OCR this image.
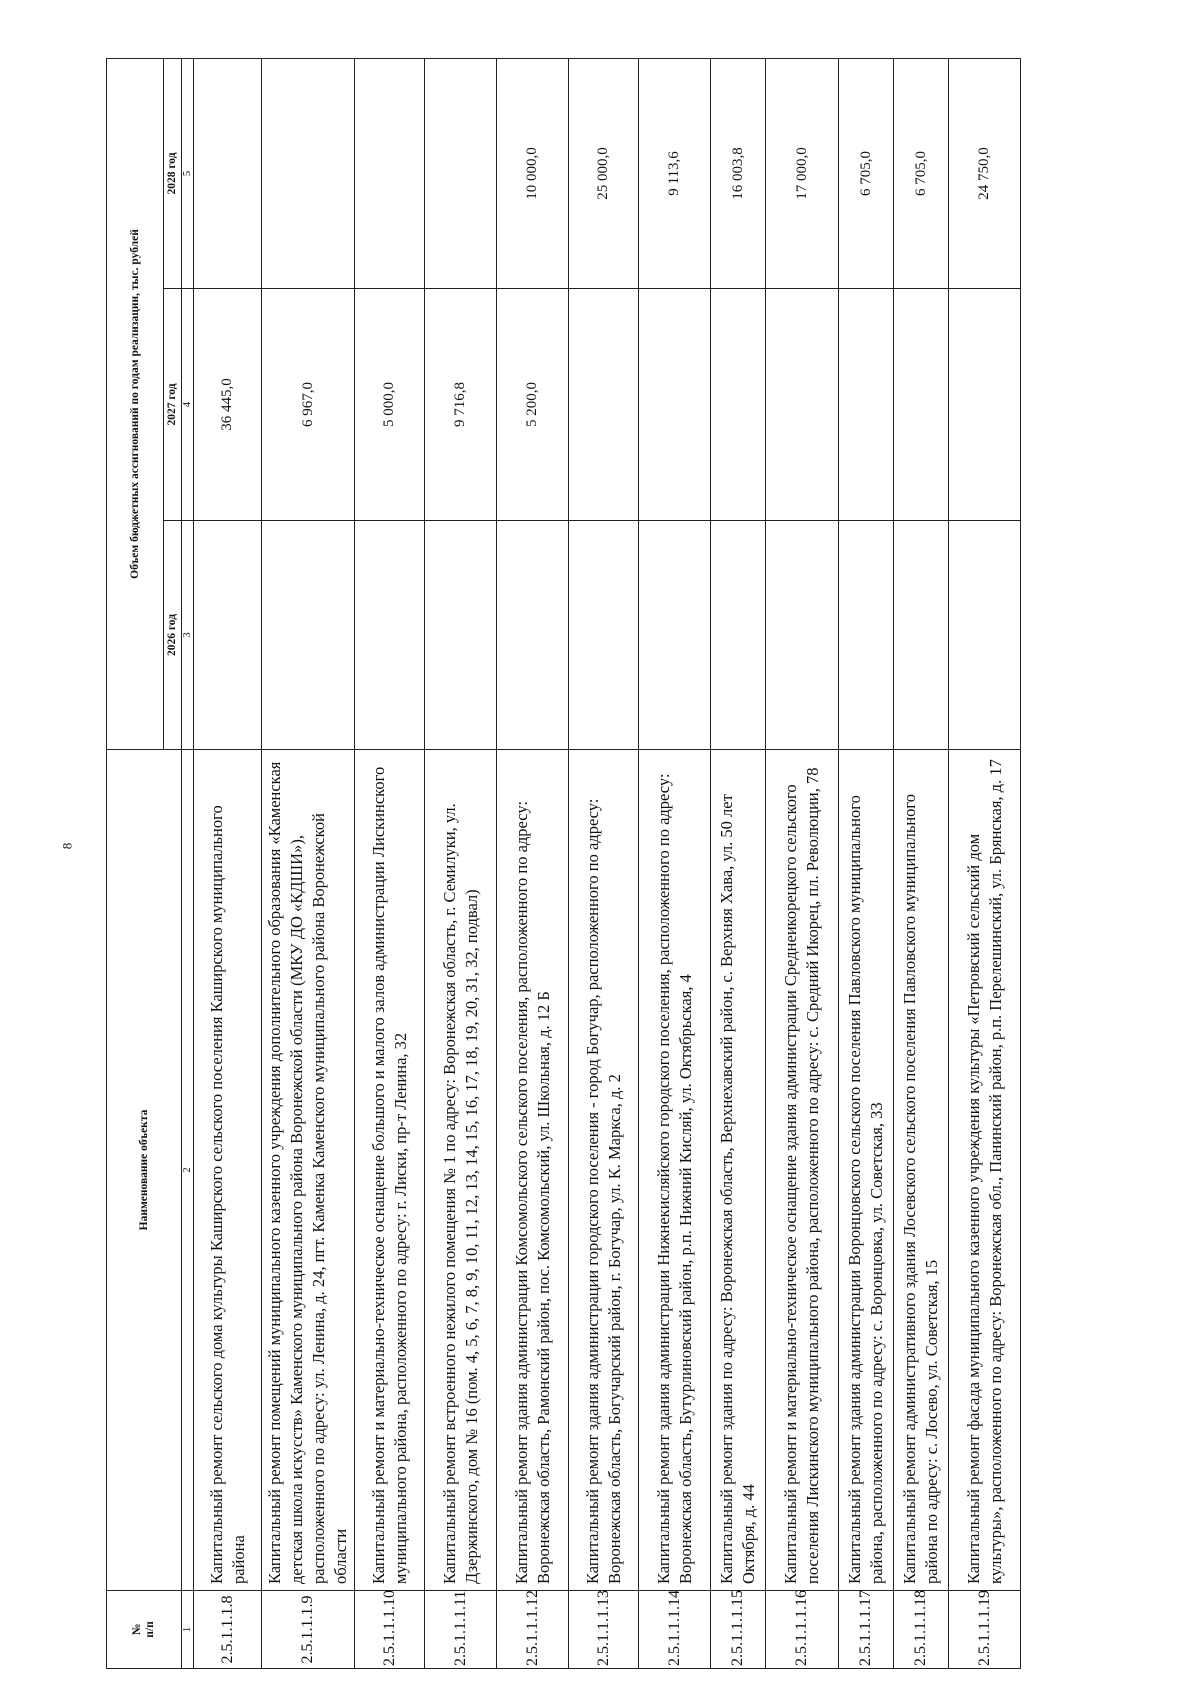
8
№
п/п	Наименование объекта	Объем бюджетных ассигнований по годам реализации, тыс. рублей		
		2026 год	2027 год	2028 год
1	2	3	4	5
2.5.1.1.1.8	Капитальный ремонт сельского дома культуры Каширского сельского поселения Каширского муниципального района		36 445,0	
2.5.1.1.1.9	Капитальный ремонт помещений муниципального казенного учреждения дополнительного образования «Каменская детская школа искусств» Каменского муниципального района Воронежской области (МКУ ДО «КДШИ»), расположенного по адресу: ул. Ленина, д. 24, пгт. Каменка Каменского муниципального района Воронежской области		6 967,0	
2.5.1.1.1.10	Капитальный ремонт и материально-техническое оснащение большого и малого залов администрации Лискинского муниципального района, расположенного по адресу: г. Лиски, пр-т Ленина, 32		5 000,0	
2.5.1.1.1.11	Капитальный ремонт встроенного нежилого помещения № 1 по адресу: Воронежская область, г. Семилуки, ул. Дзержинского, дом № 16 (пом. 4, 5, 6, 7, 8, 9, 10, 11, 12, 13, 14, 15, 16, 17, 18, 19, 20, 31, 32, подвал)		9 716,8	
2.5.1.1.1.12	Капитальный ремонт здания администрации Комсомольского сельского поселения, расположенного по адресу: Воронежская область, Рамонский район, пос. Комсомольский, ул. Школьная, д. 12 Б		5 200,0	10 000,0
2.5.1.1.1.13	Капитальный ремонт здания администрации городского поселения - город Богучар, расположенного по адресу: Воронежская область, Богучарский район, г. Богучар, ул. К. Маркса, д. 2			25 000,0
2.5.1.1.1.14	Капитальный ремонт здания администрации Нижнекисляйского городского поселения, расположенного по адресу: Воронежская область, Бутурлиновский район, р.п. Нижний Кисляй, ул. Октябрьская, 4			9 113,6
2.5.1.1.1.15	Капитальный ремонт здания по адресу: Воронежская область, Верхнехавский район, с. Верхняя Хава, ул. 50 лет Октября, д. 44			16 003,8
2.5.1.1.1.16	Капитальный ремонт и материально-техническое оснащение здания администрации Среднеикорецкого сельского поселения Лискинского муниципального района, расположенного по адресу: с. Средний Икорец, пл. Революции, 78			17 000,0
2.5.1.1.1.17	Капитальный ремонт здания администрации Воронцовского сельского поселения Павловского муниципального района, расположенного по адресу: с. Воронцовка, ул. Советская, 33			6 705,0
2.5.1.1.1.18	Капитальный ремонт административного здания Лосевского сельского поселения Павловского муниципального района по адресу: с. Лосево, ул. Советская, 15			6 705,0
2.5.1.1.1.19	Капитальный ремонт фасада муниципального казенного учреждения культуры «Петровский сельский дом культуры», расположенного по адресу: Воронежская обл., Панинский район, р.п. Перелешинский, ул. Брянская, д. 17			24 750,0
